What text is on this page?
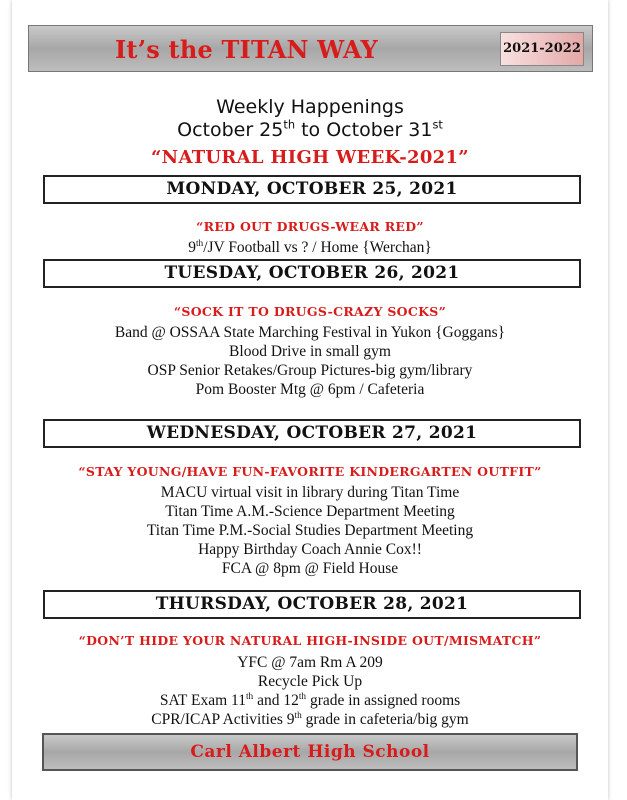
It’s the TITAN WAY	2021-2022
Weekly Happenings
October 25th to October 31st
“NATURAL HIGH WEEK-2021”
MONDAY, OCTOBER 25, 2021
“RED OUT DRUGS-WEAR RED”
9th/JV Football vs ? / Home {Werchan}
TUESDAY, OCTOBER 26, 2021
“SOCK IT TO DRUGS-CRAZY SOCKS”
Band @ OSSAA State Marching Festival in Yukon {Goggans}
Blood Drive in small gym
OSP Senior Retakes/Group Pictures-big gym/library
Pom Booster Mtg @ 6pm / Cafeteria
WEDNESDAY, OCTOBER 27, 2021
“STAY YOUNG/HAVE FUN-FAVORITE KINDERGARTEN OUTFIT”
MACU virtual visit in library during Titan Time
Titan Time A.M.-Science Department Meeting
Titan Time P.M.-Social Studies Department Meeting
Happy Birthday Coach Annie Cox!!
FCA @ 8pm @ Field House
THURSDAY, OCTOBER 28, 2021
“DON’T HIDE YOUR NATURAL HIGH-INSIDE OUT/MISMATCH”
YFC @ 7am Rm A 209
Recycle Pick Up
SAT Exam 11th and 12th grade in assigned rooms
CPR/ICAP Activities 9th grade in cafeteria/big gym
Carl Albert High School
